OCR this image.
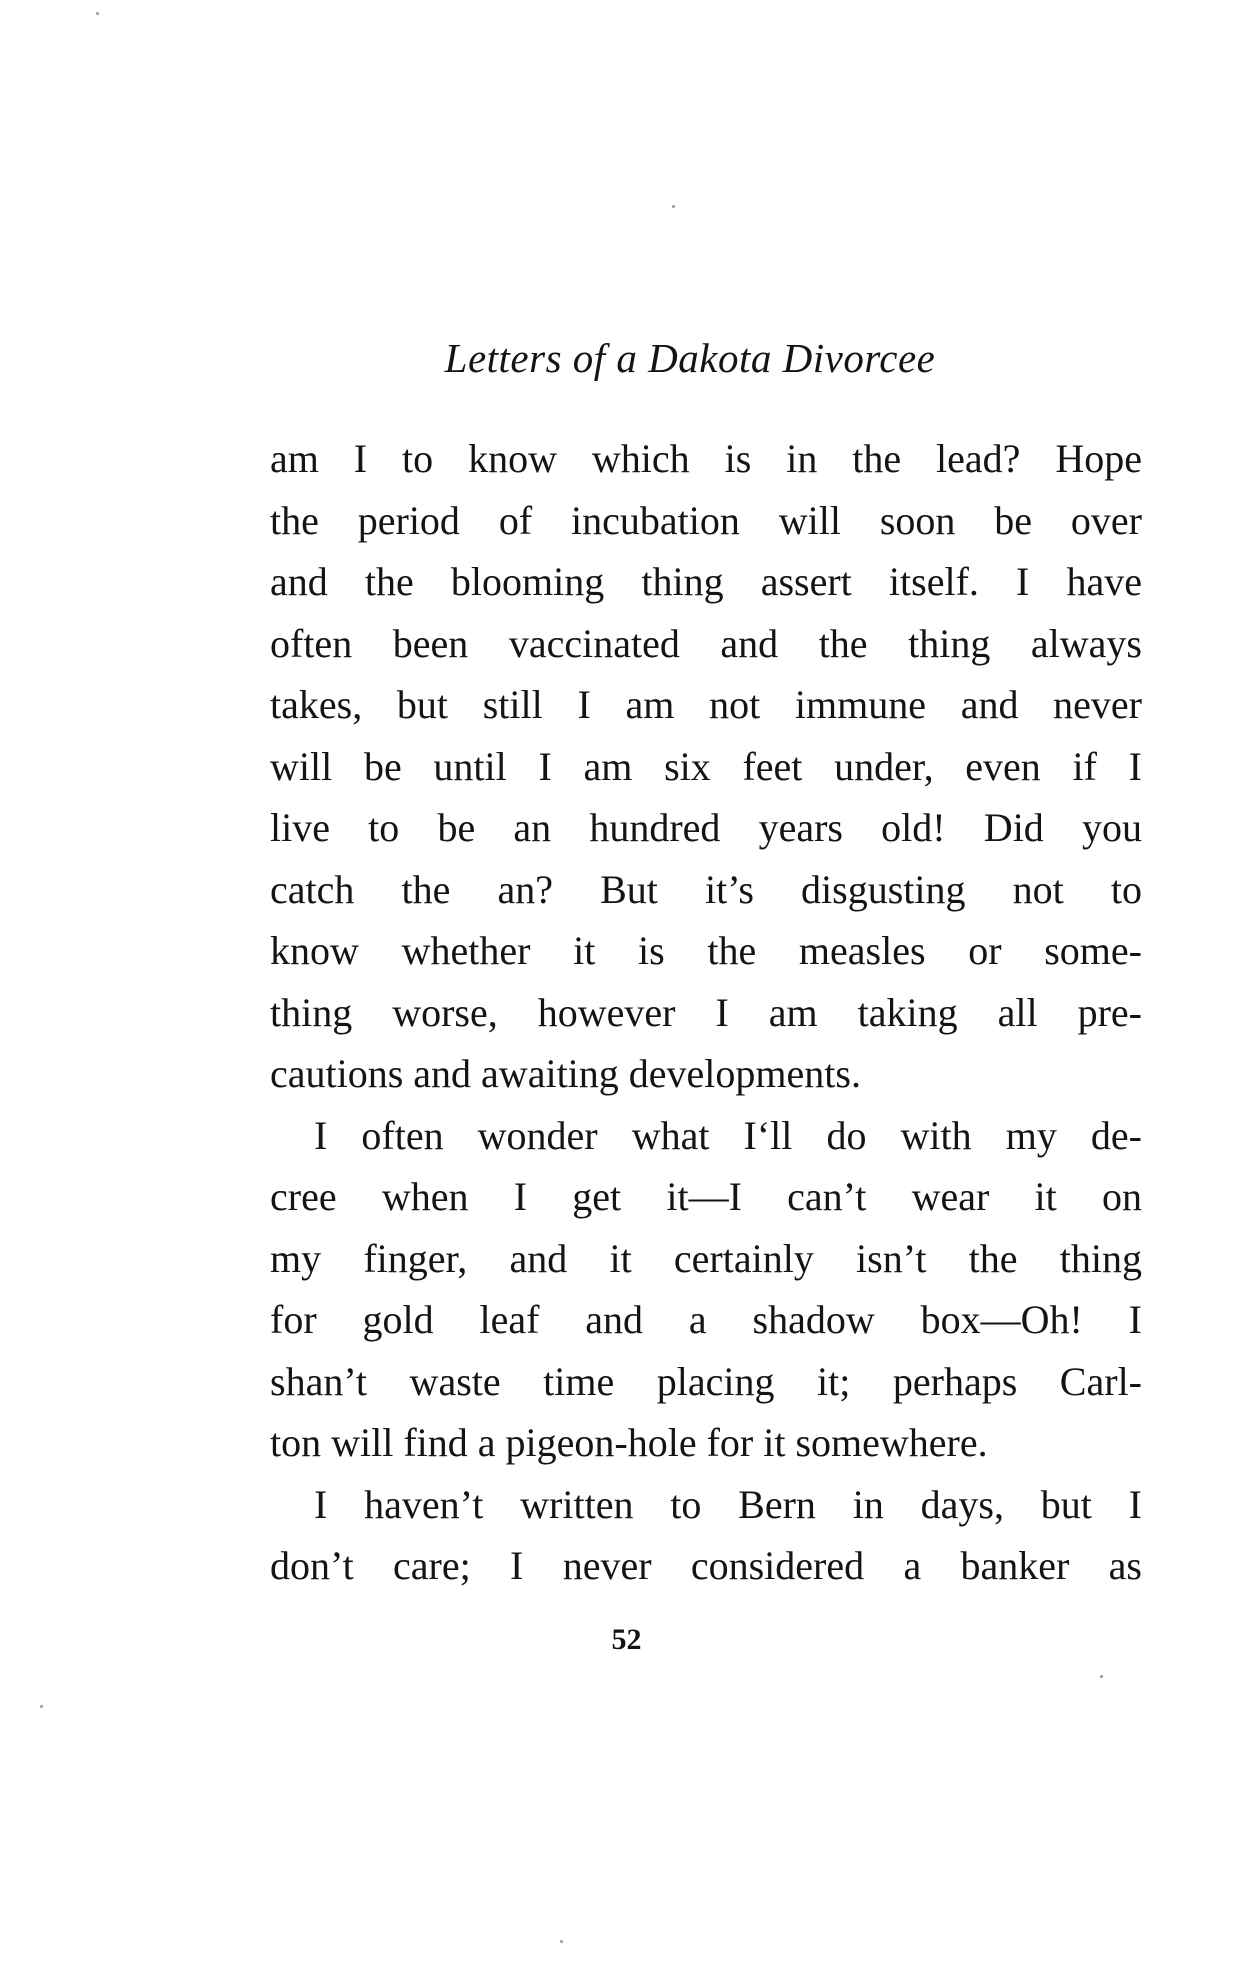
Letters of a Dakota Divorcee
am I to know which is in the lead? Hope
the period of incubation will soon be over
and the blooming thing assert itself. I have
often been vaccinated and the thing always
takes, but still I am not immune and never
will be until I am six feet under, even if I
live to be an hundred years old! Did you
catch the an? But it’s disgusting not to
know whether it is the measles or some-
thing worse, however I am taking all pre-
cautions and awaiting developments.
I often wonder what I‘ll do with my de-
cree when I get it—I can’t wear it on
my finger, and it certainly isn’t the thing
for gold leaf and a shadow box—Oh! I
shan’t waste time placing it; perhaps Carl-
ton will find a pigeon-hole for it somewhere.
I haven’t written to Bern in days, but I
don’t care; I never considered a banker as
52
